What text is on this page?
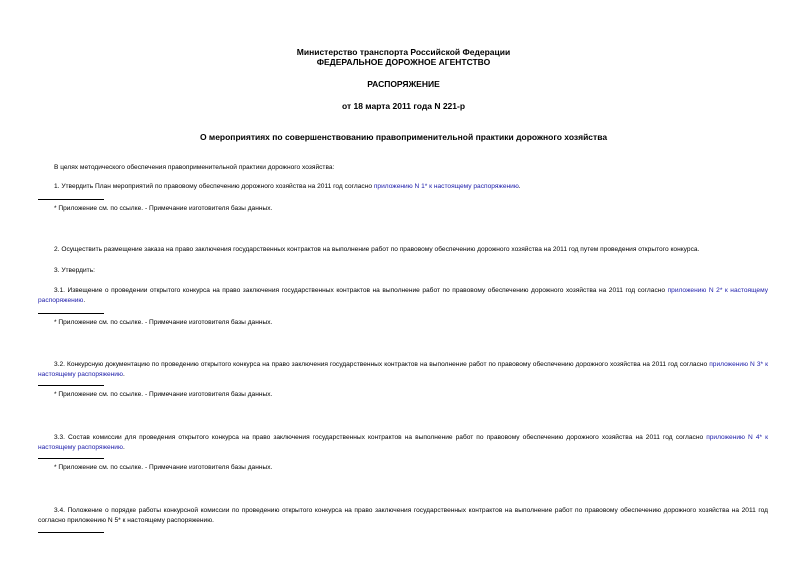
Министерство транспорта Российской Федерации
ФЕДЕРАЛЬНОЕ ДОРОЖНОЕ АГЕНТСТВО
РАСПОРЯЖЕНИЕ
от 18 марта 2011 года N 221-р
О мероприятиях по совершенствованию правоприменительной практики дорожного хозяйства
В целях методического обеспечения правоприменительной практики дорожного хозяйства:
1. Утвердить План мероприятий по правовому обеспечению дорожного хозяйства на 2011 год согласно приложению N 1* к настоящему распоряжению.
* Приложение см. по ссылке. - Примечание изготовителя базы данных.
2. Осуществить размещение заказа на право заключения государственных контрактов на выполнение работ по правовому обеспечению дорожного хозяйства на 2011 год путем проведения открытого конкурса.
3. Утвердить:
3.1. Извещение о проведении открытого конкурса на право заключения государственных контрактов на выполнение работ по правовому обеспечению дорожного хозяйства на 2011 год согласно приложению N 2* к настоящему распоряжению.
* Приложение см. по ссылке. - Примечание изготовителя базы данных.
3.2. Конкурсную документацию по проведению открытого конкурса на право заключения государственных контрактов на выполнение работ по правовому обеспечению дорожного хозяйства на 2011 год согласно приложению N 3* к настоящему распоряжению.
* Приложение см. по ссылке. - Примечание изготовителя базы данных.
3.3. Состав комиссии для проведения открытого конкурса на право заключения государственных контрактов на выполнение работ по правовому обеспечению дорожного хозяйства на 2011 год согласно приложению N 4* к настоящему распоряжению.
* Приложение см. по ссылке. - Примечание изготовителя базы данных.
3.4. Положение о порядке работы конкурсной комиссии по проведению открытого конкурса на право заключения государственных контрактов на выполнение работ по правовому обеспечению дорожного хозяйства на 2011 год согласно приложению N 5* к настоящему распоряжению.
